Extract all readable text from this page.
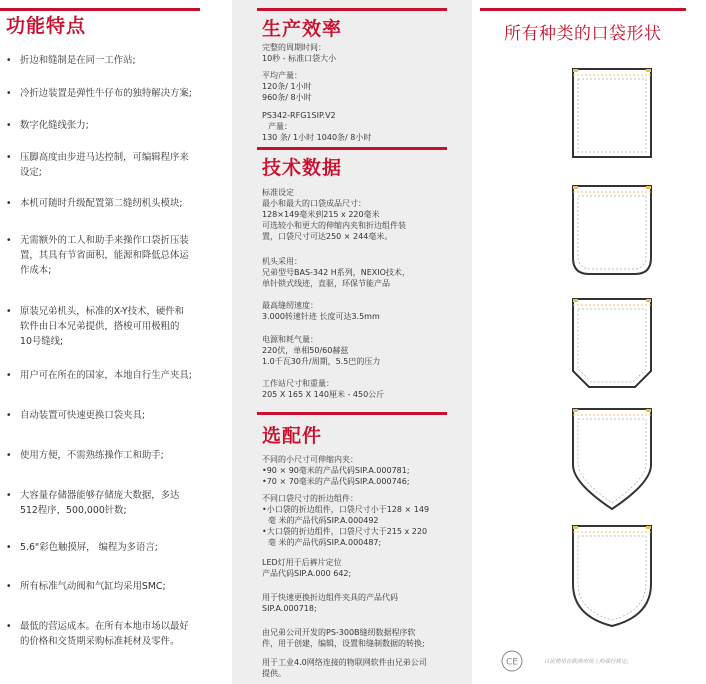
功能特点
• 折边和缝制是在同一工作站;
• 冷折边装置是弹性牛仔布的独特解决方案;
• 数字化缝线张力;
• 压脚高度由步进马达控制，可编辑程序来
设定;
• 本机可随时升级配置第二缝纫机头模块;
• 无需额外的工人和助手来操作口袋折压装
置，其具有节省面积，能源和降低总体运
作成本;
• 原装兄弟机头，标准的X-Y技术，硬件和
软件由日本兄弟提供，搭梭可用极粗的
10号缝线;
• 用户可在所在的国家，本地自行生产夹具;
• 自动装置可快速更换口袋夹具;
• 使用方便，不需熟练操作工和助手;
• 大容量存储器能够存储庞大数据，多达
512程序，500,000针数;
• 5.6"彩色触摸屏， 编程为多语言;
• 所有标准气动阀和气缸均采用SMC;
• 最低的营运成本。在所有本地市场以最好
的价格和交货期采购标准耗材及零件。
生产效率
完整的周期时间：
10秒 - 标准口袋大小
平均产量：
120条/ 1小时
960条/ 8小时
PS342-RFG1SIP.V2
产量：
130 条/ 1小时 1040条/ 8小时
技术数据
标准设定
最小和最大的口袋成品尺寸：
128×149毫米到215 x 220毫米
可选较小和更大的伸缩内夹和折边组件装
置，口袋尺寸可达250 × 244毫米。
机头采用：
兄弟型号BAS-342 H系列，NEXIO技术，
单针锁式线迹，直驱，环保节能产品
最高缝纫速度：
3.000转速针迹 长度可达3.5mm
电源和耗气量：
220伏，单相50/60赫兹
1.0千瓦30升/周期，5.5巴的压力
工作站尺寸和重量：
205 X 165 X 140厘米 - 450公斤
选配件
不同的小尺寸可伸缩内夹：
•90 × 90毫米的产品代码SIP.A.000781;
•70 × 70毫米的产品代码SIP.A.000746;
不同口袋尺寸的折边组件：
•小口袋的折边组件，口袋尺寸小于128 × 149
毫 米的产品代码SIP.A.000492
•大口袋的折边组件，口袋尺寸大于215 x 220
毫 米的产品代码SIP.A.000487;
LED灯用于后裤片定位
产品代码SIP.A.000 642;
用于快速更换折边组件夹具的产品代码
SIP.A.000718;
由兄弟公司开发的PS-300B缝纫数据程序软
件，用于创建，编辑，设置和缝制数据的转换;
用于工业4.0网络连接的物联网软件由兄弟公司
提供。
所有种类的口袋形状
CE	认证使用在欧洲市场上的强行规定。
